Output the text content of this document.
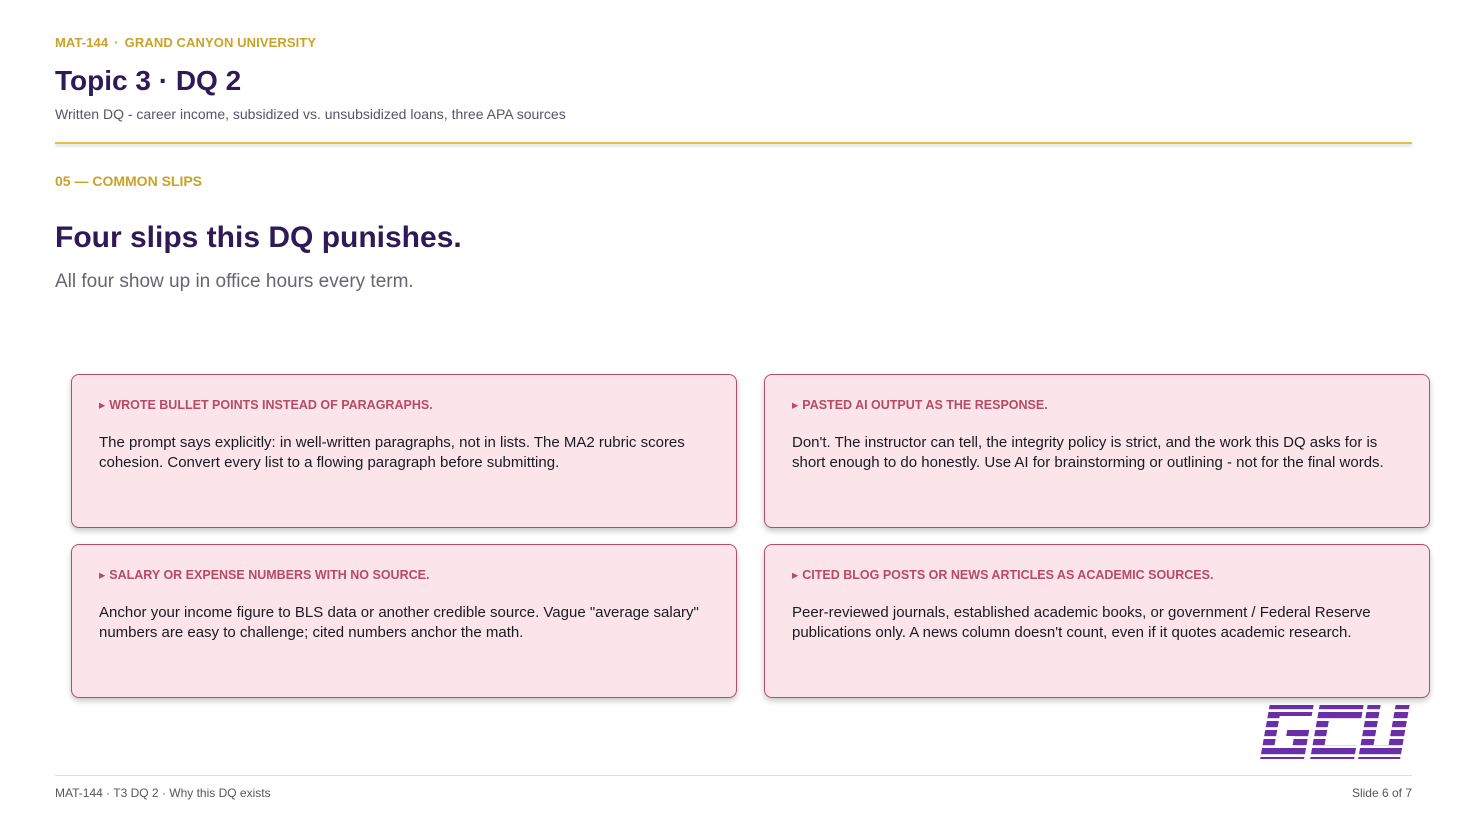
MAT-144 · GRAND CANYON UNIVERSITY
Topic 3 · DQ 2
Written DQ - career income, subsidized vs. unsubsidized loans, three APA sources
05 — COMMON SLIPS
Four slips this DQ punishes.
All four show up in office hours every term.
▸ WROTE BULLET POINTS INSTEAD OF PARAGRAPHS.
The prompt says explicitly: in well-written paragraphs, not in lists. The MA2 rubric scores cohesion. Convert every list to a flowing paragraph before submitting.
▸ PASTED AI OUTPUT AS THE RESPONSE.
Don't. The instructor can tell, the integrity policy is strict, and the work this DQ asks for is short enough to do honestly. Use AI for brainstorming or outlining - not for the final words.
▸ SALARY OR EXPENSE NUMBERS WITH NO SOURCE.
Anchor your income figure to BLS data or another credible source. Vague "average salary" numbers are easy to challenge; cited numbers anchor the math.
▸ CITED BLOG POSTS OR NEWS ARTICLES AS ACADEMIC SOURCES.
Peer-reviewed journals, established academic books, or government / Federal Reserve publications only. A news column doesn't count, even if it quotes academic research.
MAT-144 · T3 DQ 2 · Why this DQ exists	Slide 6 of 7
